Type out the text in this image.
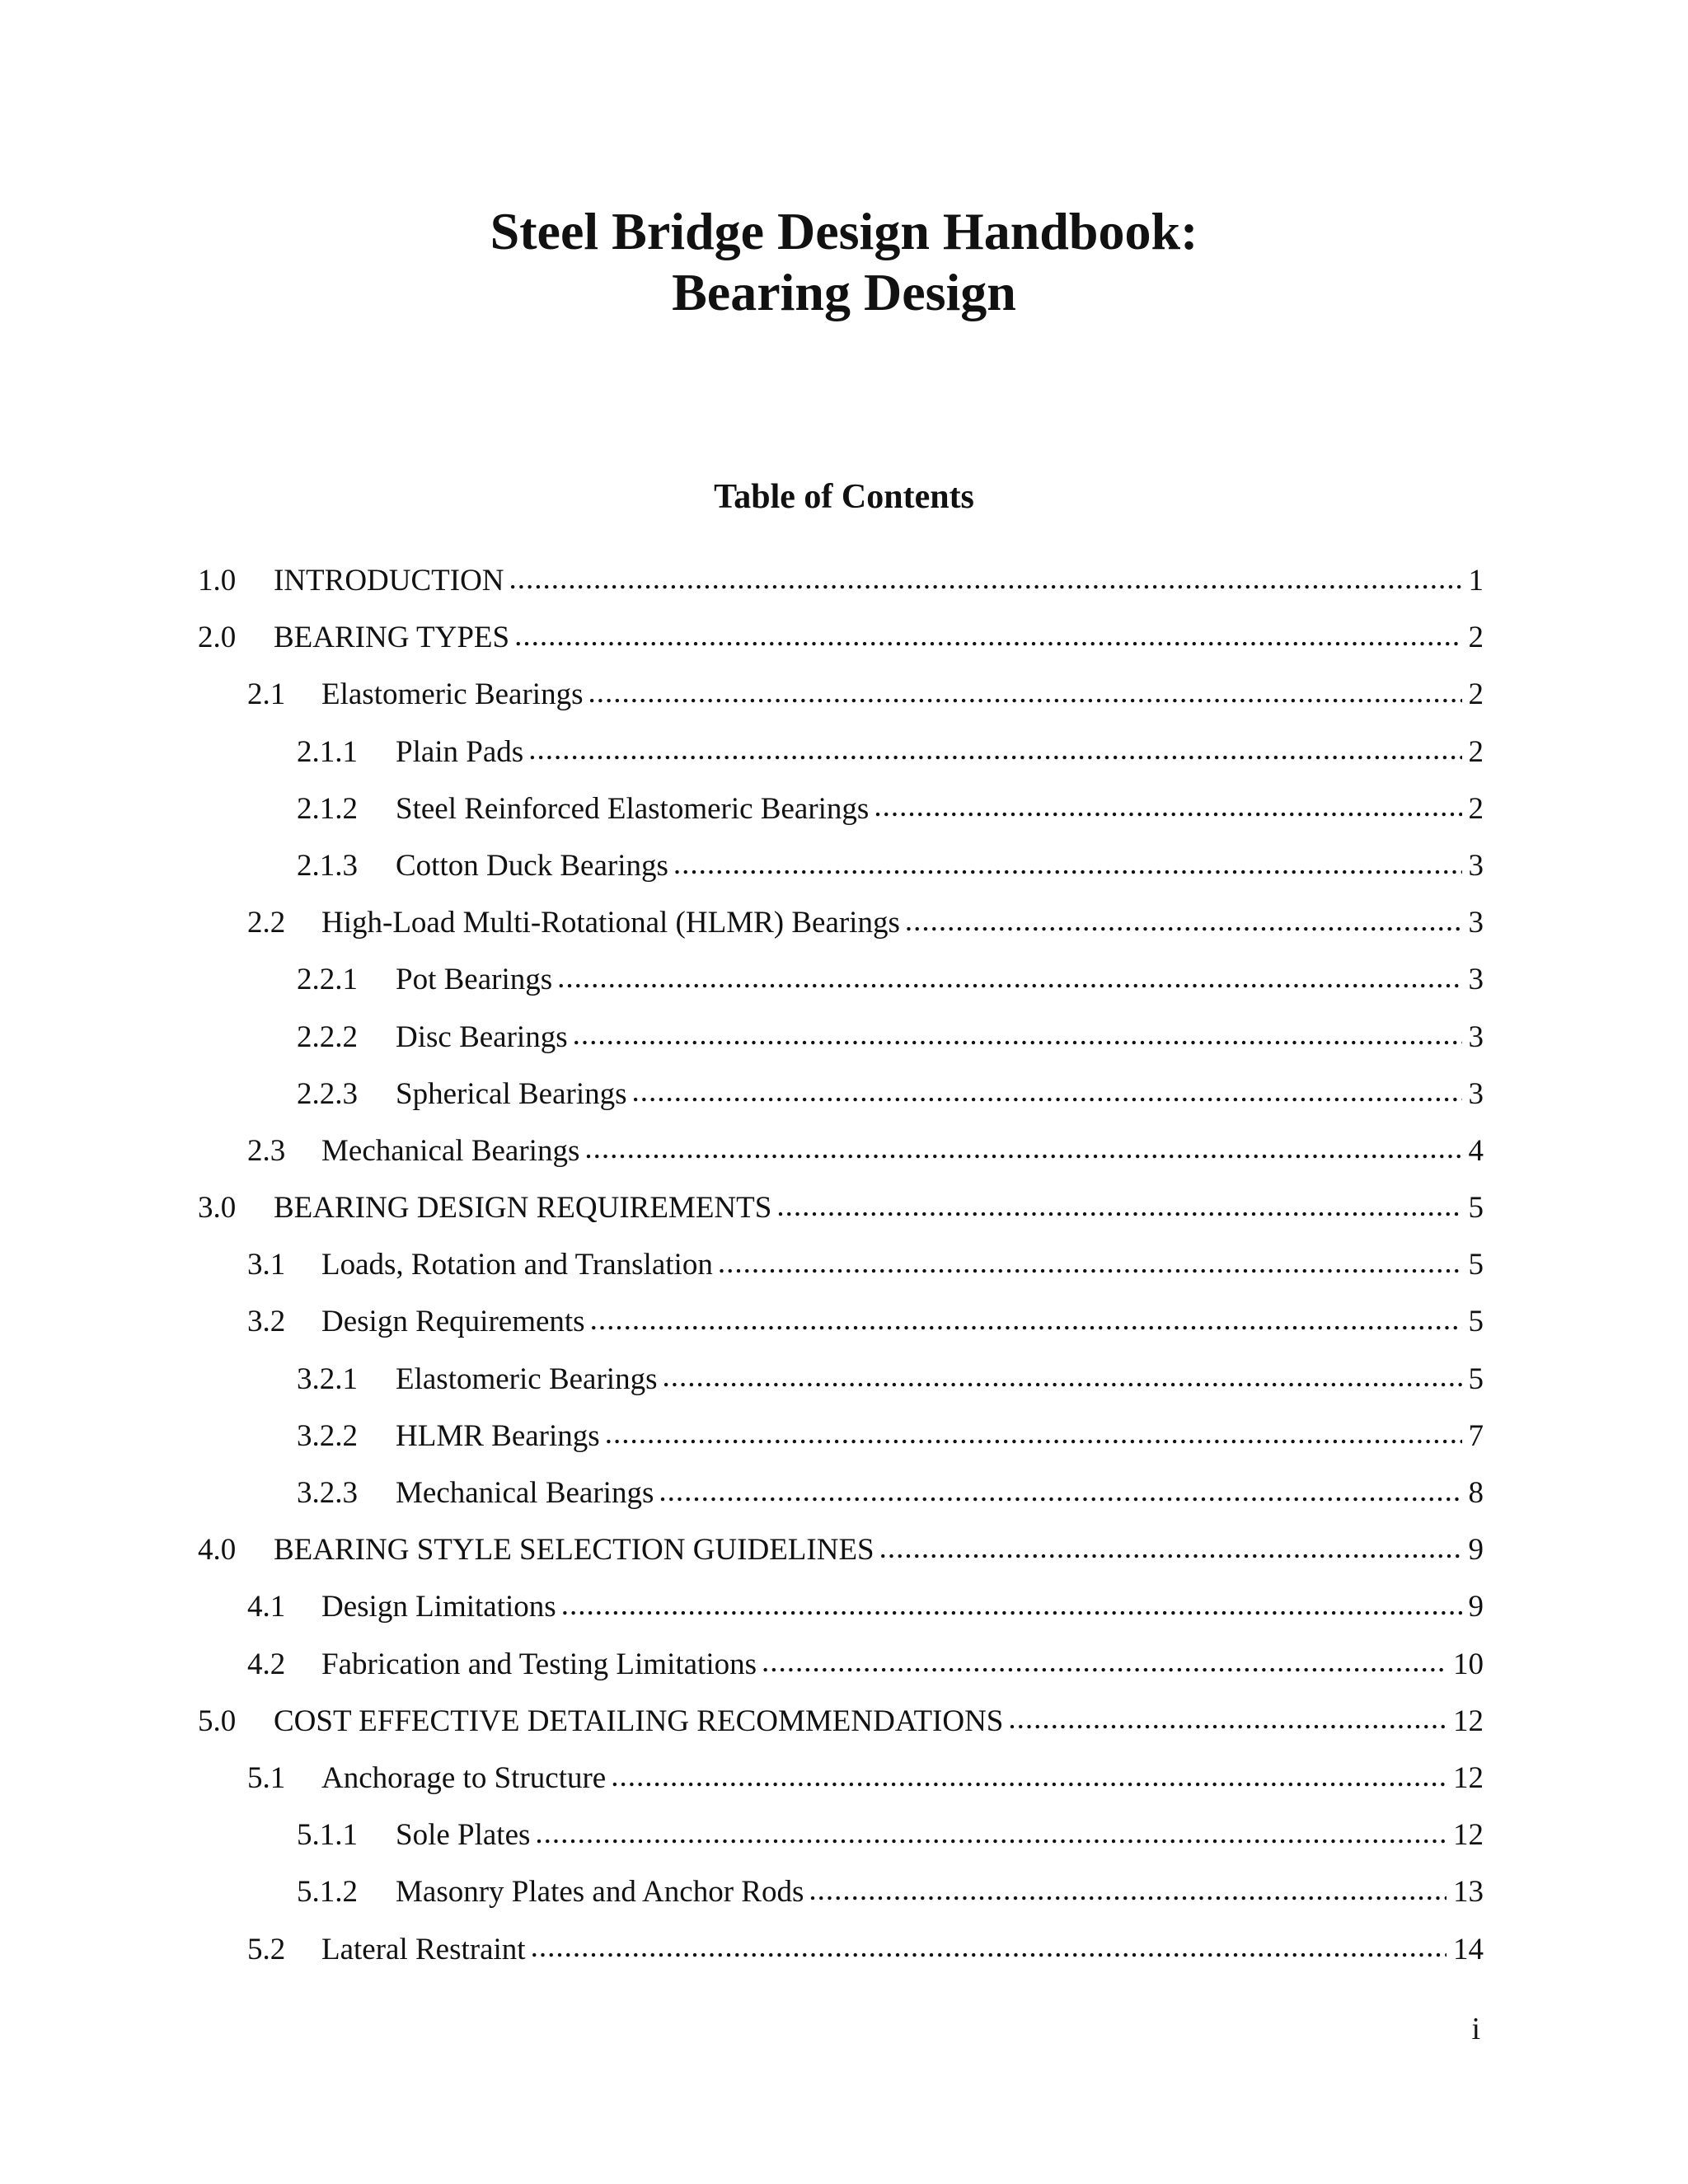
Steel Bridge Design Handbook:
Bearing Design
Table of Contents
1.0	INTRODUCTION .....	1
2.0	BEARING TYPES .....	2
2.1	Elastomeric Bearings .....	2
2.1.1	Plain Pads .....	2
2.1.2	Steel Reinforced Elastomeric Bearings .....	2
2.1.3	Cotton Duck Bearings .....	3
2.2	High-Load Multi-Rotational (HLMR) Bearings .....	3
2.2.1	Pot Bearings .....	3
2.2.2	Disc Bearings .....	3
2.2.3	Spherical Bearings .....	3
2.3	Mechanical Bearings .....	4
3.0	BEARING DESIGN REQUIREMENTS .....	5
3.1	Loads, Rotation and Translation .....	5
3.2	Design Requirements .....	5
3.2.1	Elastomeric Bearings .....	5
3.2.2	HLMR Bearings .....	7
3.2.3	Mechanical Bearings .....	8
4.0	BEARING STYLE SELECTION GUIDELINES .....	9
4.1	Design Limitations .....	9
4.2	Fabrication and Testing Limitations .....	10
5.0	COST EFFECTIVE DETAILING RECOMMENDATIONS .....	12
5.1	Anchorage to Structure .....	12
5.1.1	Sole Plates .....	12
5.1.2	Masonry Plates and Anchor Rods .....	13
5.2	Lateral Restraint .....	14
i
